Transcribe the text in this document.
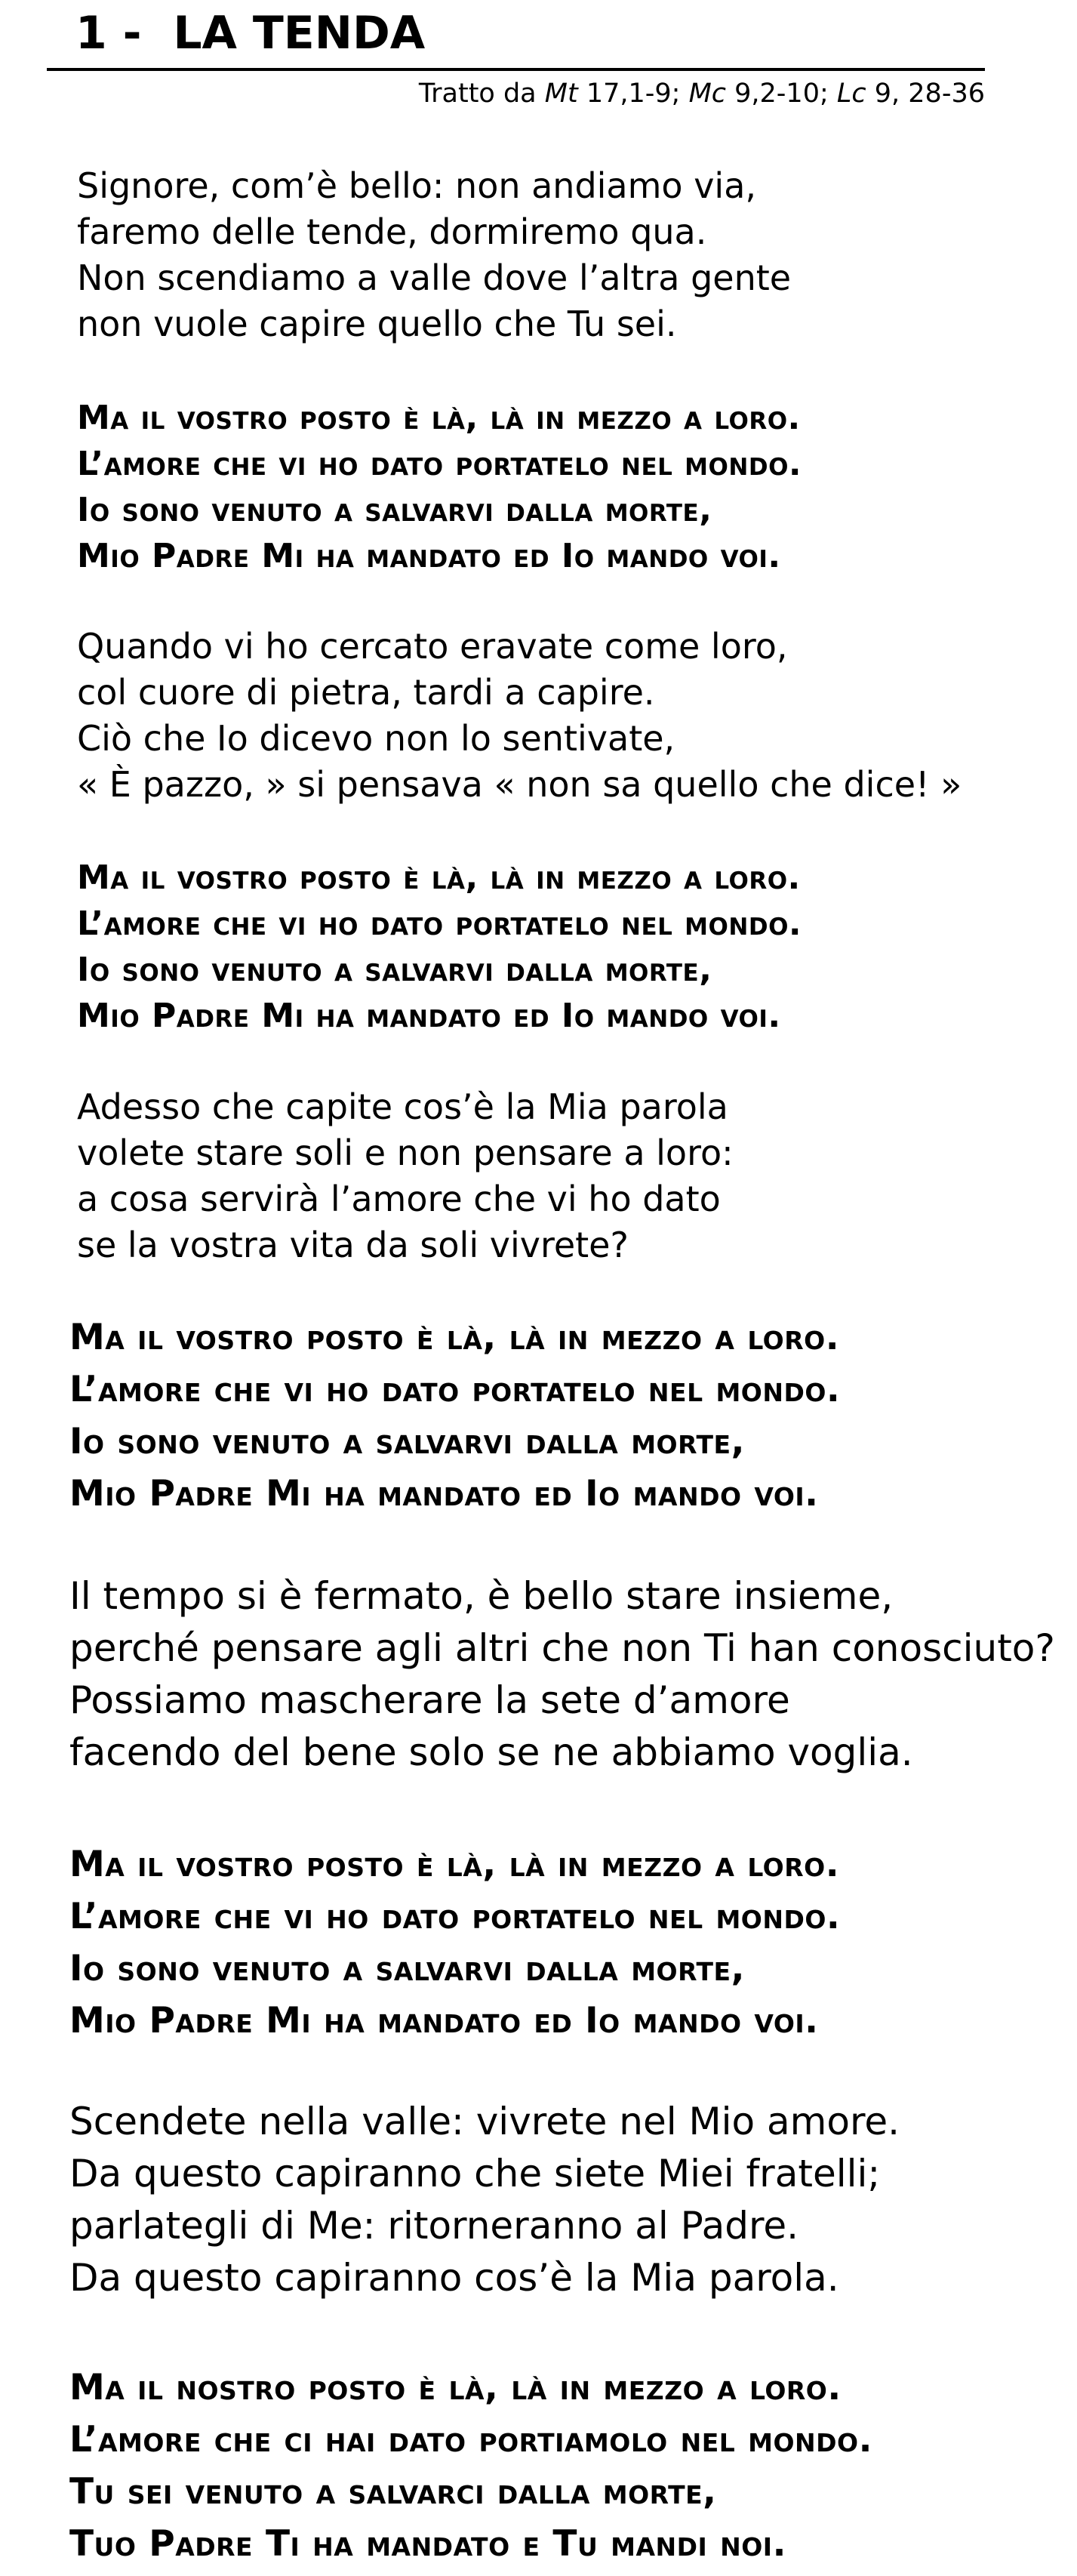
1 -  LA TENDA
Tratto da Mt 17,1-9; Mc 9,2-10; Lc 9, 28-36
Signore, com’è bello: non andiamo via,
faremo delle tende, dormiremo qua.
Non scendiamo a valle dove l’altra gente
non vuole capire quello che Tu sei.
Ma il vostro posto è là, là in mezzo a loro.
L’amore che vi ho dato portatelo nel mondo.
Io sono venuto a salvarvi dalla morte,
Mio Padre Mi ha mandato ed Io mando voi.
Quando vi ho cercato eravate come loro,
col cuore di pietra, tardi a capire.
Ciò che Io dicevo non lo sentivate,
« È pazzo, » si pensava « non sa quello che dice! »
Ma il vostro posto è là, là in mezzo a loro.
L’amore che vi ho dato portatelo nel mondo.
Io sono venuto a salvarvi dalla morte,
Mio Padre Mi ha mandato ed Io mando voi.
Adesso che capite cos’è la Mia parola
volete stare soli e non pensare a loro:
a cosa servirà l’amore che vi ho dato
se la vostra vita da soli vivrete?
Ma il vostro posto è là, là in mezzo a loro.
L’amore che vi ho dato portatelo nel mondo.
Io sono venuto a salvarvi dalla morte,
Mio Padre Mi ha mandato ed Io mando voi.
Il tempo si è fermato, è bello stare insieme,
perché pensare agli altri che non Ti han conosciuto?
Possiamo mascherare la sete d’amore
facendo del bene solo se ne abbiamo voglia.
Ma il vostro posto è là, là in mezzo a loro.
L’amore che vi ho dato portatelo nel mondo.
Io sono venuto a salvarvi dalla morte,
Mio Padre Mi ha mandato ed Io mando voi.
Scendete nella valle: vivrete nel Mio amore.
Da questo capiranno che siete Miei fratelli;
parlategli di Me: ritorneranno al Padre.
Da questo capiranno cos’è la Mia parola.
Ma il nostro posto è là, là in mezzo a loro.
L’amore che ci hai dato portiamolo nel mondo.
Tu sei venuto a salvarci dalla morte,
Tuo Padre Ti ha mandato e Tu mandi noi.
